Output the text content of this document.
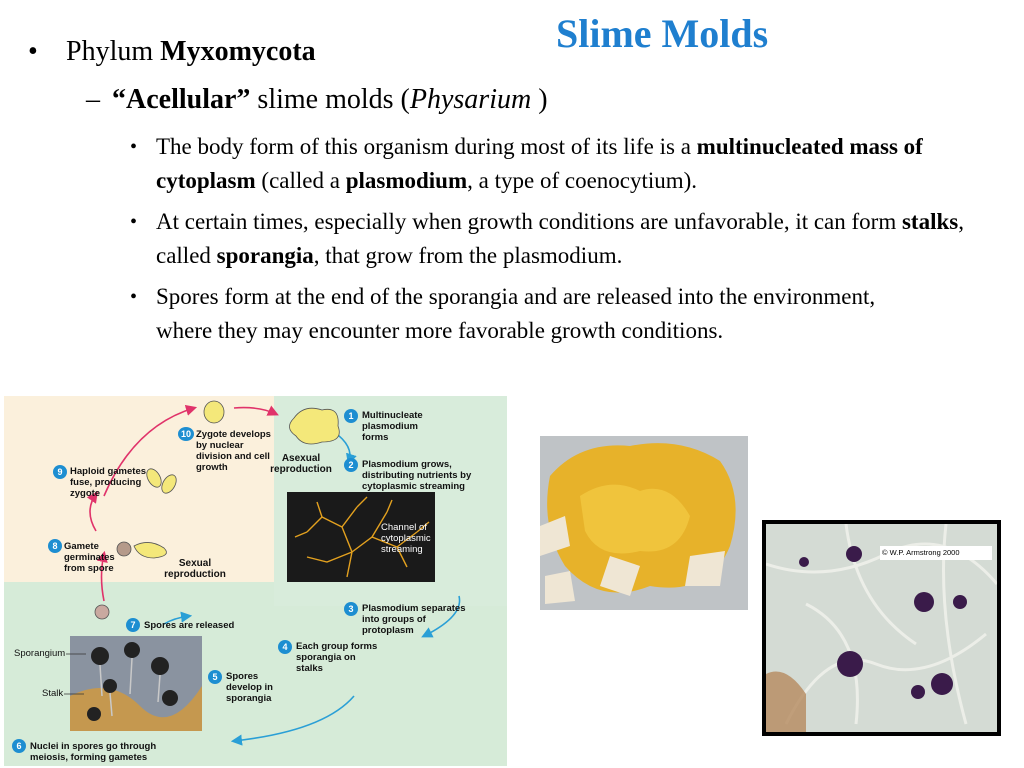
Slime Molds
• Phylum Myxomycota
– “Acellular” slime molds (Physarium )
• The body form of this organism during most of its life is a multinucleated mass of cytoplasm (called a plasmodium, a type of coenocytium).
• At certain times, especially when growth conditions are unfavorable, it can form stalks, called sporangia, that grow from the plasmodium.
• Spores form at the end of the sporangia and are released into the environment, where they may encounter more favorable growth conditions.
1 Multinucleate plasmodium forms
2 Plasmodium grows, distributing nutrients by cytoplasmic streaming
3 Plasmodium separates into groups of protoplasm
4 Each group forms sporangia on stalks
5 Spores develop in sporangia
6 Nuclei in spores go through meiosis, forming gametes
7 Spores are released
8 Gamete germinates from spore
9 Haploid gametes fuse, producing zygote
10 Zygote develops by nuclear division and cell growth
Asexual reproduction
Sexual reproduction
Channel of cytoplasmic streaming
Sporangium
Stalk
© W.P. Armstrong 2000
